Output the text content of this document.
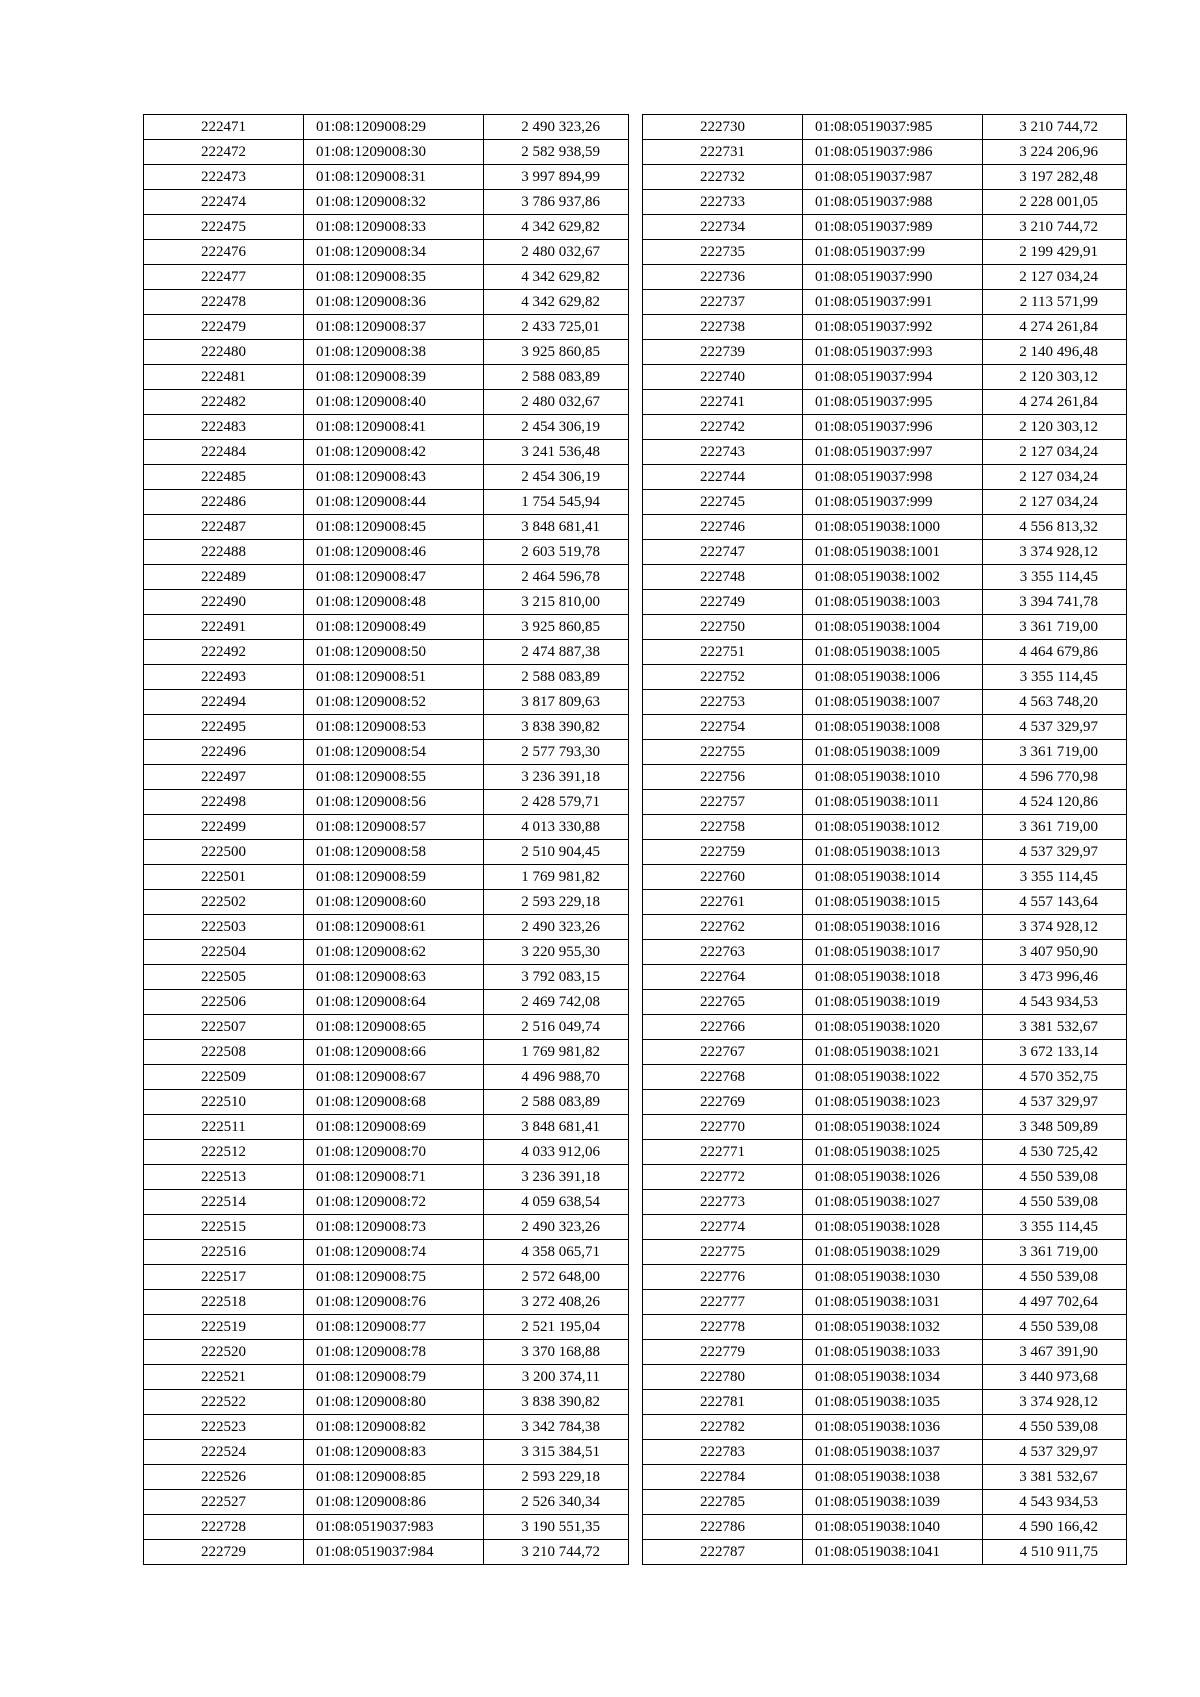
222471	01:08:1209008:29	2 490 323,26
222472	01:08:1209008:30	2 582 938,59
222473	01:08:1209008:31	3 997 894,99
222474	01:08:1209008:32	3 786 937,86
222475	01:08:1209008:33	4 342 629,82
222476	01:08:1209008:34	2 480 032,67
222477	01:08:1209008:35	4 342 629,82
222478	01:08:1209008:36	4 342 629,82
222479	01:08:1209008:37	2 433 725,01
222480	01:08:1209008:38	3 925 860,85
222481	01:08:1209008:39	2 588 083,89
222482	01:08:1209008:40	2 480 032,67
222483	01:08:1209008:41	2 454 306,19
222484	01:08:1209008:42	3 241 536,48
222485	01:08:1209008:43	2 454 306,19
222486	01:08:1209008:44	1 754 545,94
222487	01:08:1209008:45	3 848 681,41
222488	01:08:1209008:46	2 603 519,78
222489	01:08:1209008:47	2 464 596,78
222490	01:08:1209008:48	3 215 810,00
222491	01:08:1209008:49	3 925 860,85
222492	01:08:1209008:50	2 474 887,38
222493	01:08:1209008:51	2 588 083,89
222494	01:08:1209008:52	3 817 809,63
222495	01:08:1209008:53	3 838 390,82
222496	01:08:1209008:54	2 577 793,30
222497	01:08:1209008:55	3 236 391,18
222498	01:08:1209008:56	2 428 579,71
222499	01:08:1209008:57	4 013 330,88
222500	01:08:1209008:58	2 510 904,45
222501	01:08:1209008:59	1 769 981,82
222502	01:08:1209008:60	2 593 229,18
222503	01:08:1209008:61	2 490 323,26
222504	01:08:1209008:62	3 220 955,30
222505	01:08:1209008:63	3 792 083,15
222506	01:08:1209008:64	2 469 742,08
222507	01:08:1209008:65	2 516 049,74
222508	01:08:1209008:66	1 769 981,82
222509	01:08:1209008:67	4 496 988,70
222510	01:08:1209008:68	2 588 083,89
222511	01:08:1209008:69	3 848 681,41
222512	01:08:1209008:70	4 033 912,06
222513	01:08:1209008:71	3 236 391,18
222514	01:08:1209008:72	4 059 638,54
222515	01:08:1209008:73	2 490 323,26
222516	01:08:1209008:74	4 358 065,71
222517	01:08:1209008:75	2 572 648,00
222518	01:08:1209008:76	3 272 408,26
222519	01:08:1209008:77	2 521 195,04
222520	01:08:1209008:78	3 370 168,88
222521	01:08:1209008:79	3 200 374,11
222522	01:08:1209008:80	3 838 390,82
222523	01:08:1209008:82	3 342 784,38
222524	01:08:1209008:83	3 315 384,51
222526	01:08:1209008:85	2 593 229,18
222527	01:08:1209008:86	2 526 340,34
222728	01:08:0519037:983	3 190 551,35
222729	01:08:0519037:984	3 210 744,72
222730	01:08:0519037:985	3 210 744,72
222731	01:08:0519037:986	3 224 206,96
222732	01:08:0519037:987	3 197 282,48
222733	01:08:0519037:988	2 228 001,05
222734	01:08:0519037:989	3 210 744,72
222735	01:08:0519037:99	2 199 429,91
222736	01:08:0519037:990	2 127 034,24
222737	01:08:0519037:991	2 113 571,99
222738	01:08:0519037:992	4 274 261,84
222739	01:08:0519037:993	2 140 496,48
222740	01:08:0519037:994	2 120 303,12
222741	01:08:0519037:995	4 274 261,84
222742	01:08:0519037:996	2 120 303,12
222743	01:08:0519037:997	2 127 034,24
222744	01:08:0519037:998	2 127 034,24
222745	01:08:0519037:999	2 127 034,24
222746	01:08:0519038:1000	4 556 813,32
222747	01:08:0519038:1001	3 374 928,12
222748	01:08:0519038:1002	3 355 114,45
222749	01:08:0519038:1003	3 394 741,78
222750	01:08:0519038:1004	3 361 719,00
222751	01:08:0519038:1005	4 464 679,86
222752	01:08:0519038:1006	3 355 114,45
222753	01:08:0519038:1007	4 563 748,20
222754	01:08:0519038:1008	4 537 329,97
222755	01:08:0519038:1009	3 361 719,00
222756	01:08:0519038:1010	4 596 770,98
222757	01:08:0519038:1011	4 524 120,86
222758	01:08:0519038:1012	3 361 719,00
222759	01:08:0519038:1013	4 537 329,97
222760	01:08:0519038:1014	3 355 114,45
222761	01:08:0519038:1015	4 557 143,64
222762	01:08:0519038:1016	3 374 928,12
222763	01:08:0519038:1017	3 407 950,90
222764	01:08:0519038:1018	3 473 996,46
222765	01:08:0519038:1019	4 543 934,53
222766	01:08:0519038:1020	3 381 532,67
222767	01:08:0519038:1021	3 672 133,14
222768	01:08:0519038:1022	4 570 352,75
222769	01:08:0519038:1023	4 537 329,97
222770	01:08:0519038:1024	3 348 509,89
222771	01:08:0519038:1025	4 530 725,42
222772	01:08:0519038:1026	4 550 539,08
222773	01:08:0519038:1027	4 550 539,08
222774	01:08:0519038:1028	3 355 114,45
222775	01:08:0519038:1029	3 361 719,00
222776	01:08:0519038:1030	4 550 539,08
222777	01:08:0519038:1031	4 497 702,64
222778	01:08:0519038:1032	4 550 539,08
222779	01:08:0519038:1033	3 467 391,90
222780	01:08:0519038:1034	3 440 973,68
222781	01:08:0519038:1035	3 374 928,12
222782	01:08:0519038:1036	4 550 539,08
222783	01:08:0519038:1037	4 537 329,97
222784	01:08:0519038:1038	3 381 532,67
222785	01:08:0519038:1039	4 543 934,53
222786	01:08:0519038:1040	4 590 166,42
222787	01:08:0519038:1041	4 510 911,75
